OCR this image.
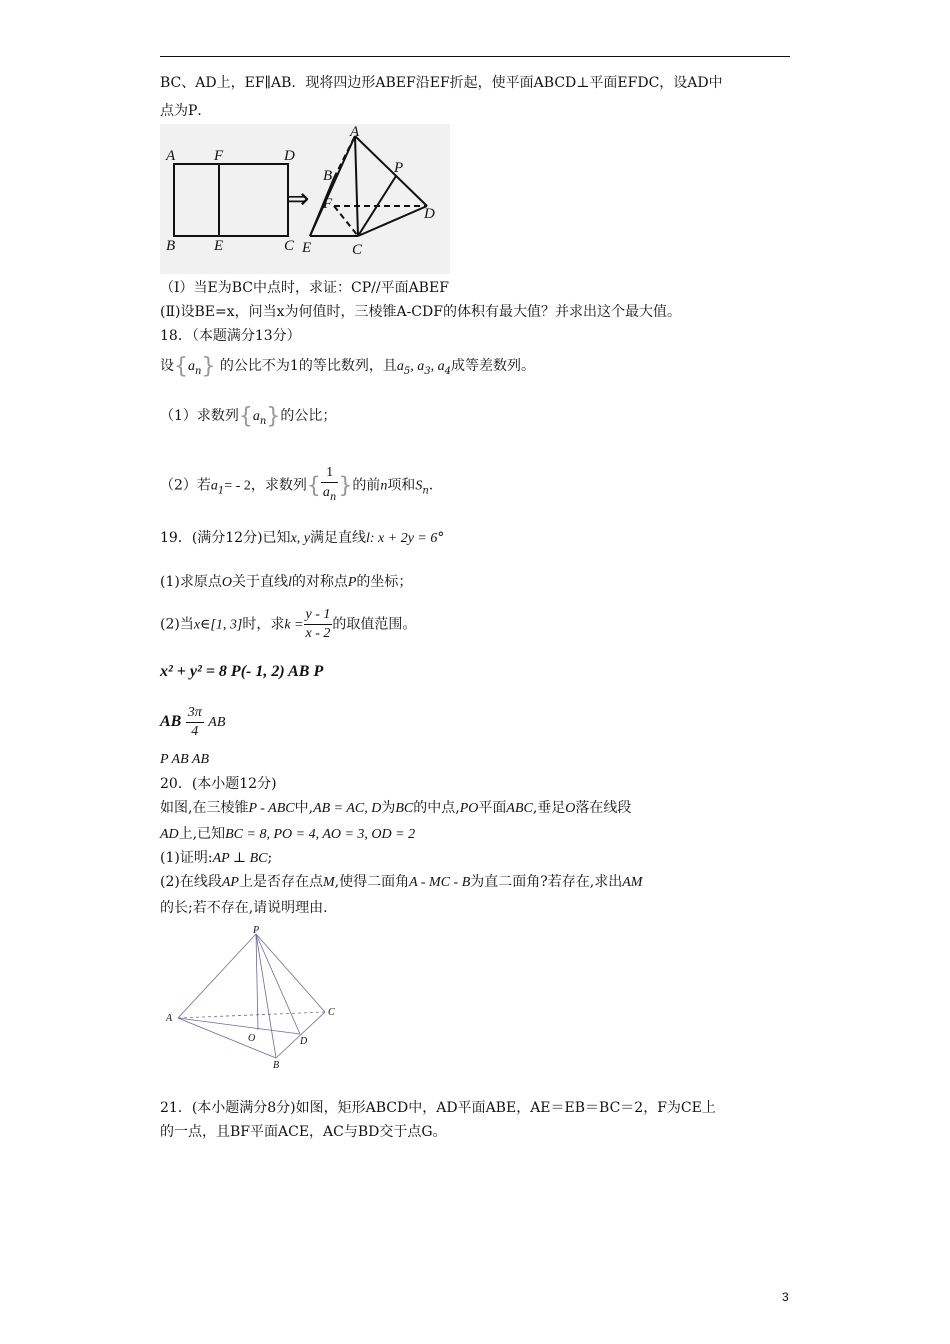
BC、AD上，EF∥AB．现将四边形ABEF沿EF折起，使平面ABCD⊥平面EFDC，设AD中
点为P．
A	F	D
B	E	C
A
B	P
F
D
E	C
⇒
（Ⅰ）当E为BC中点时，求证：CP//平面ABEF
(Ⅱ)设BE=x，问当x为何值时，三棱锥A-CDF的体积有最大值？并求出这个最大值。
18．（本题满分13分）
设$\{a_n\}$ 的公比不为1的等比数列，且$a_5$, $a_3$, $a_4$成等差数列。
（1）求数列$\{a_n\}$的公比；
（2）若$a_1= - 2$，求数列{ $\frac{1}{a_n}$ }的前n项和$S_n$.
19．(满分12分)已知x, y满足直线l: x + 2y = 6°
(1)求原点O关于直线l的对称点P的坐标；
(2)当x∈[1, 3]时，求$k = \frac{y - 1}{x - 2}$ 的取值范围。
x² + y² = 8 P(- 1, 2) AB P
AB $\frac{3\pi}{4}$ AB
P AB AB
20．(本小题12分)
如图,在三棱锥P - ABC中,AB = AC, D为BC的中点,PO平面ABC,垂足O落在线段
AD上,已知BC = 8, PO = 4, AO = 3, OD = 2
(1)证明:AP ⊥ BC;
(2)在线段AP上是否存在点M,使得二面角A - MC - B为直二面角?若存在,求出AM
的长;若不存在,请说明理由.
P
A
C
O	D
B
21．(本小题满分8分)如图，矩形ABCD中，AD平面ABE，AE＝EB＝BC＝2，F为CE上
的一点，且BF平面ACE，AC与BD交于点G。
3
